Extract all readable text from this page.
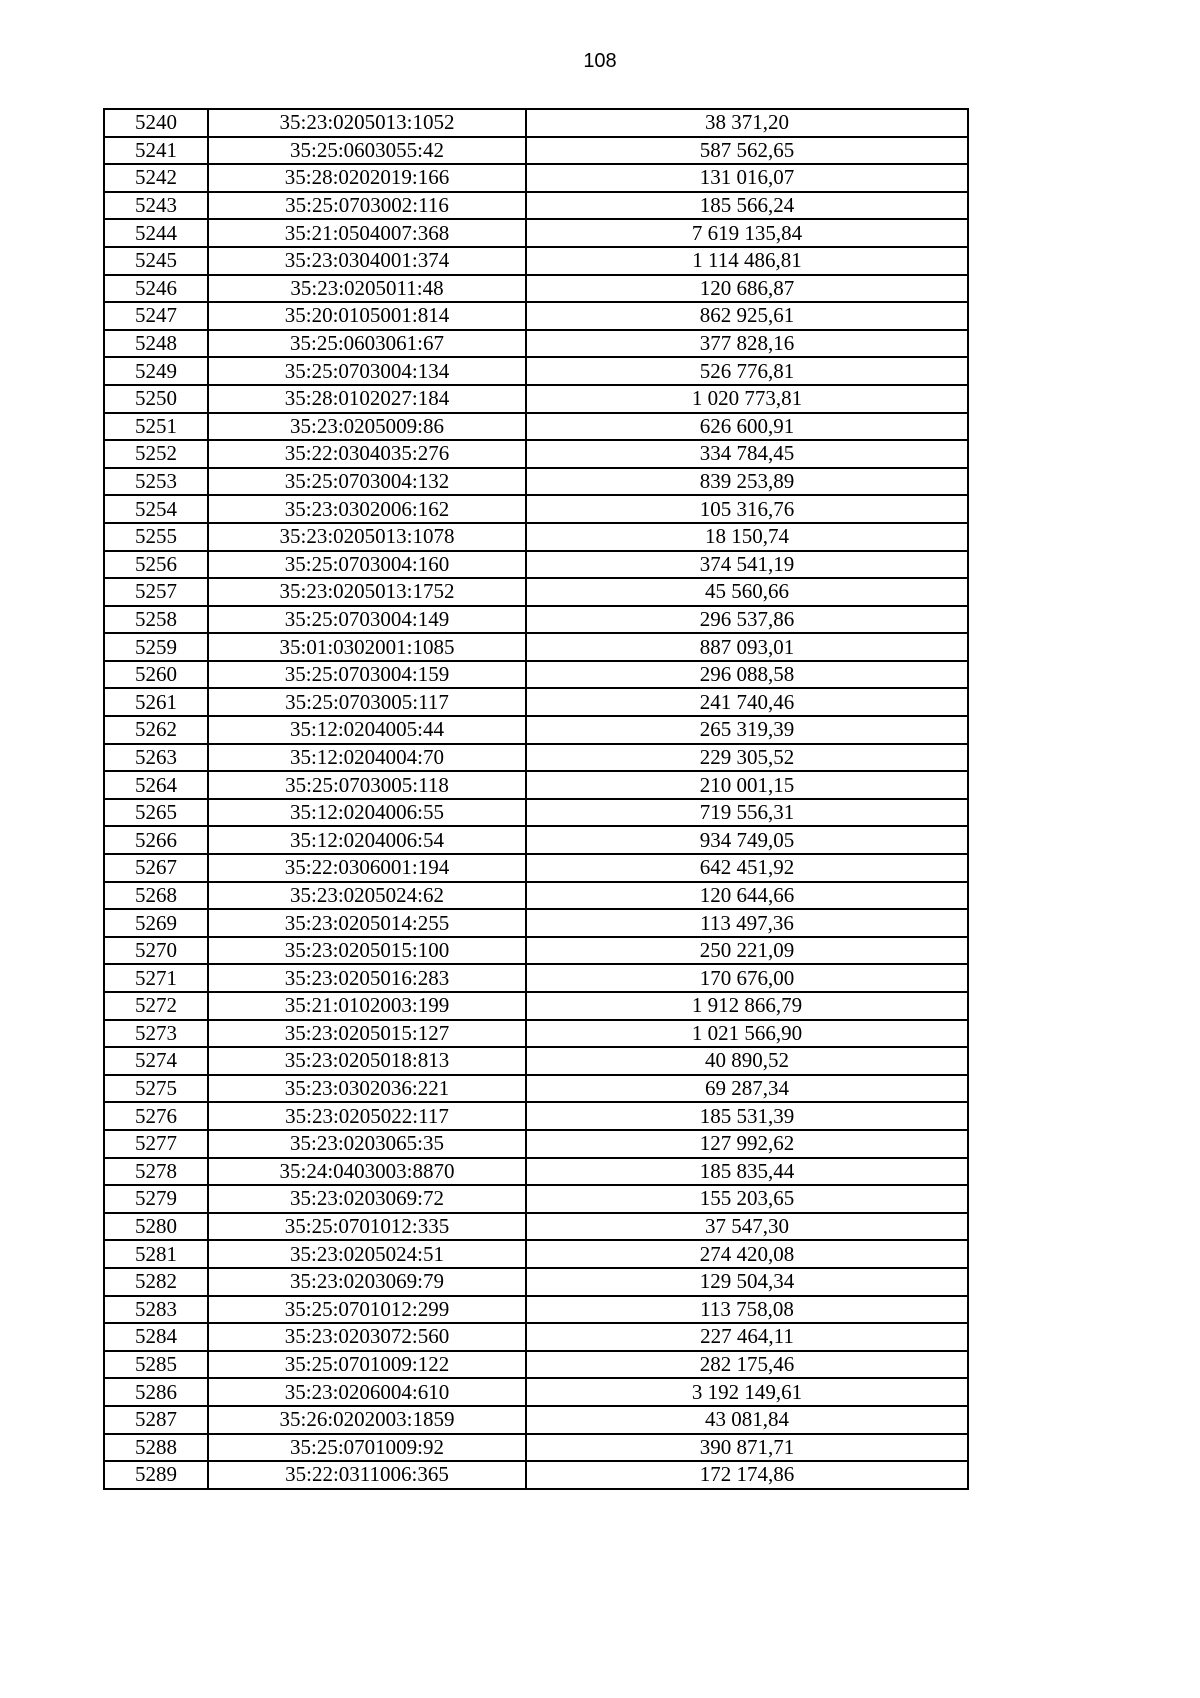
108
5240	35:23:0205013:1052	38 371,20
5241	35:25:0603055:42	587 562,65
5242	35:28:0202019:166	131 016,07
5243	35:25:0703002:116	185 566,24
5244	35:21:0504007:368	7 619 135,84
5245	35:23:0304001:374	1 114 486,81
5246	35:23:0205011:48	120 686,87
5247	35:20:0105001:814	862 925,61
5248	35:25:0603061:67	377 828,16
5249	35:25:0703004:134	526 776,81
5250	35:28:0102027:184	1 020 773,81
5251	35:23:0205009:86	626 600,91
5252	35:22:0304035:276	334 784,45
5253	35:25:0703004:132	839 253,89
5254	35:23:0302006:162	105 316,76
5255	35:23:0205013:1078	18 150,74
5256	35:25:0703004:160	374 541,19
5257	35:23:0205013:1752	45 560,66
5258	35:25:0703004:149	296 537,86
5259	35:01:0302001:1085	887 093,01
5260	35:25:0703004:159	296 088,58
5261	35:25:0703005:117	241 740,46
5262	35:12:0204005:44	265 319,39
5263	35:12:0204004:70	229 305,52
5264	35:25:0703005:118	210 001,15
5265	35:12:0204006:55	719 556,31
5266	35:12:0204006:54	934 749,05
5267	35:22:0306001:194	642 451,92
5268	35:23:0205024:62	120 644,66
5269	35:23:0205014:255	113 497,36
5270	35:23:0205015:100	250 221,09
5271	35:23:0205016:283	170 676,00
5272	35:21:0102003:199	1 912 866,79
5273	35:23:0205015:127	1 021 566,90
5274	35:23:0205018:813	40 890,52
5275	35:23:0302036:221	69 287,34
5276	35:23:0205022:117	185 531,39
5277	35:23:0203065:35	127 992,62
5278	35:24:0403003:8870	185 835,44
5279	35:23:0203069:72	155 203,65
5280	35:25:0701012:335	37 547,30
5281	35:23:0205024:51	274 420,08
5282	35:23:0203069:79	129 504,34
5283	35:25:0701012:299	113 758,08
5284	35:23:0203072:560	227 464,11
5285	35:25:0701009:122	282 175,46
5286	35:23:0206004:610	3 192 149,61
5287	35:26:0202003:1859	43 081,84
5288	35:25:0701009:92	390 871,71
5289	35:22:0311006:365	172 174,86
